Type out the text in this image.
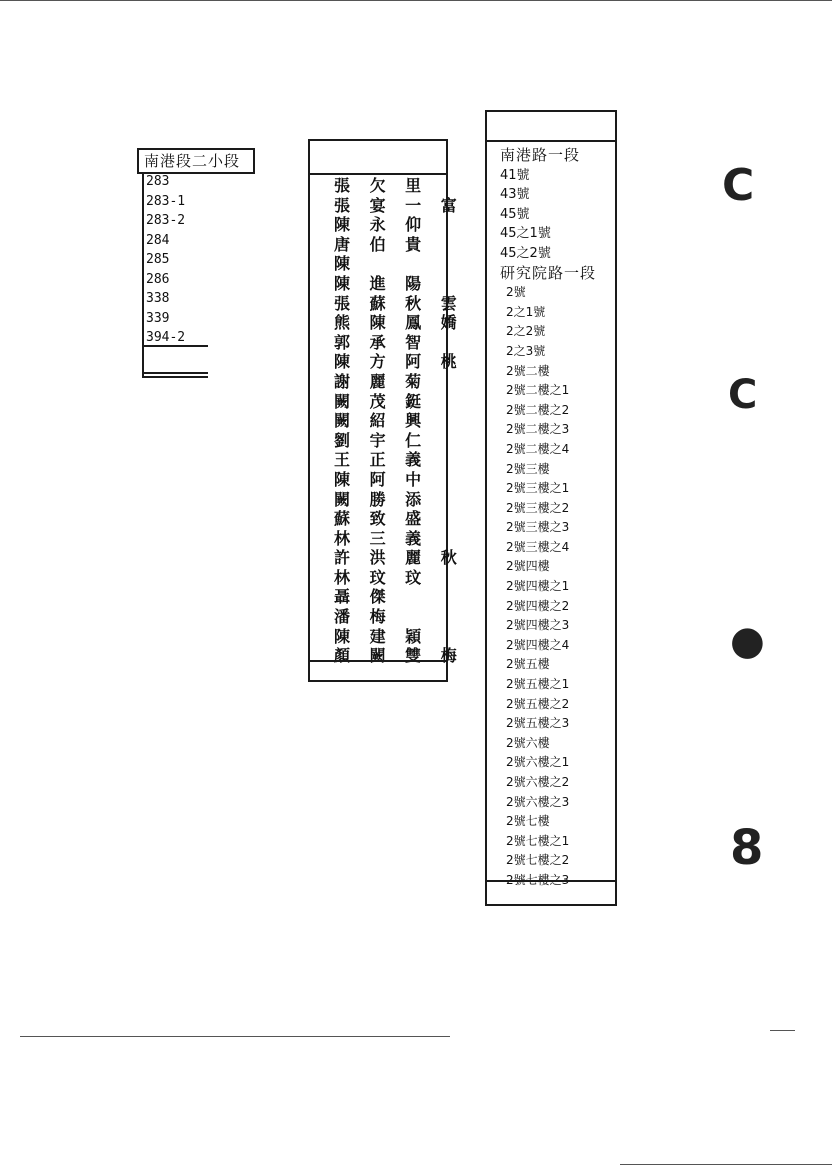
南港段二小段
283
283-1
283-2
284
285
286
338
339
394-2
張 欠 里
張 宴 一 富
陳 永 仰
唐 伯 貴
陳
陳 進 陽
張 蘇 秋 雲
熊 陳 鳳 嬌
郭 承 智
陳 方 阿 桃
謝 麗 菊
闕 茂 鋌
闕 紹 興
劉 宇 仁
王 正 義
陳 阿 中
闕 勝 添
蘇 致 盛
林 三 義
許 洪 麗 秋
林 玟 玟
聶 傑
潘 梅
陳 建 穎
顏 闕 雙 梅
南港路一段
41號
43號
45號
45之1號
45之2號
研究院路一段
2號
2之1號
2之2號
2之3號
2號二樓
2號二樓之1
2號二樓之2
2號二樓之3
2號二樓之4
2號三樓
2號三樓之1
2號三樓之2
2號三樓之3
2號三樓之4
2號四樓
2號四樓之1
2號四樓之2
2號四樓之3
2號四樓之4
2號五樓
2號五樓之1
2號五樓之2
2號五樓之3
2號六樓
2號六樓之1
2號六樓之2
2號六樓之3
2號七樓
2號七樓之1
2號七樓之2
2號七樓之3
C
C
●
8
